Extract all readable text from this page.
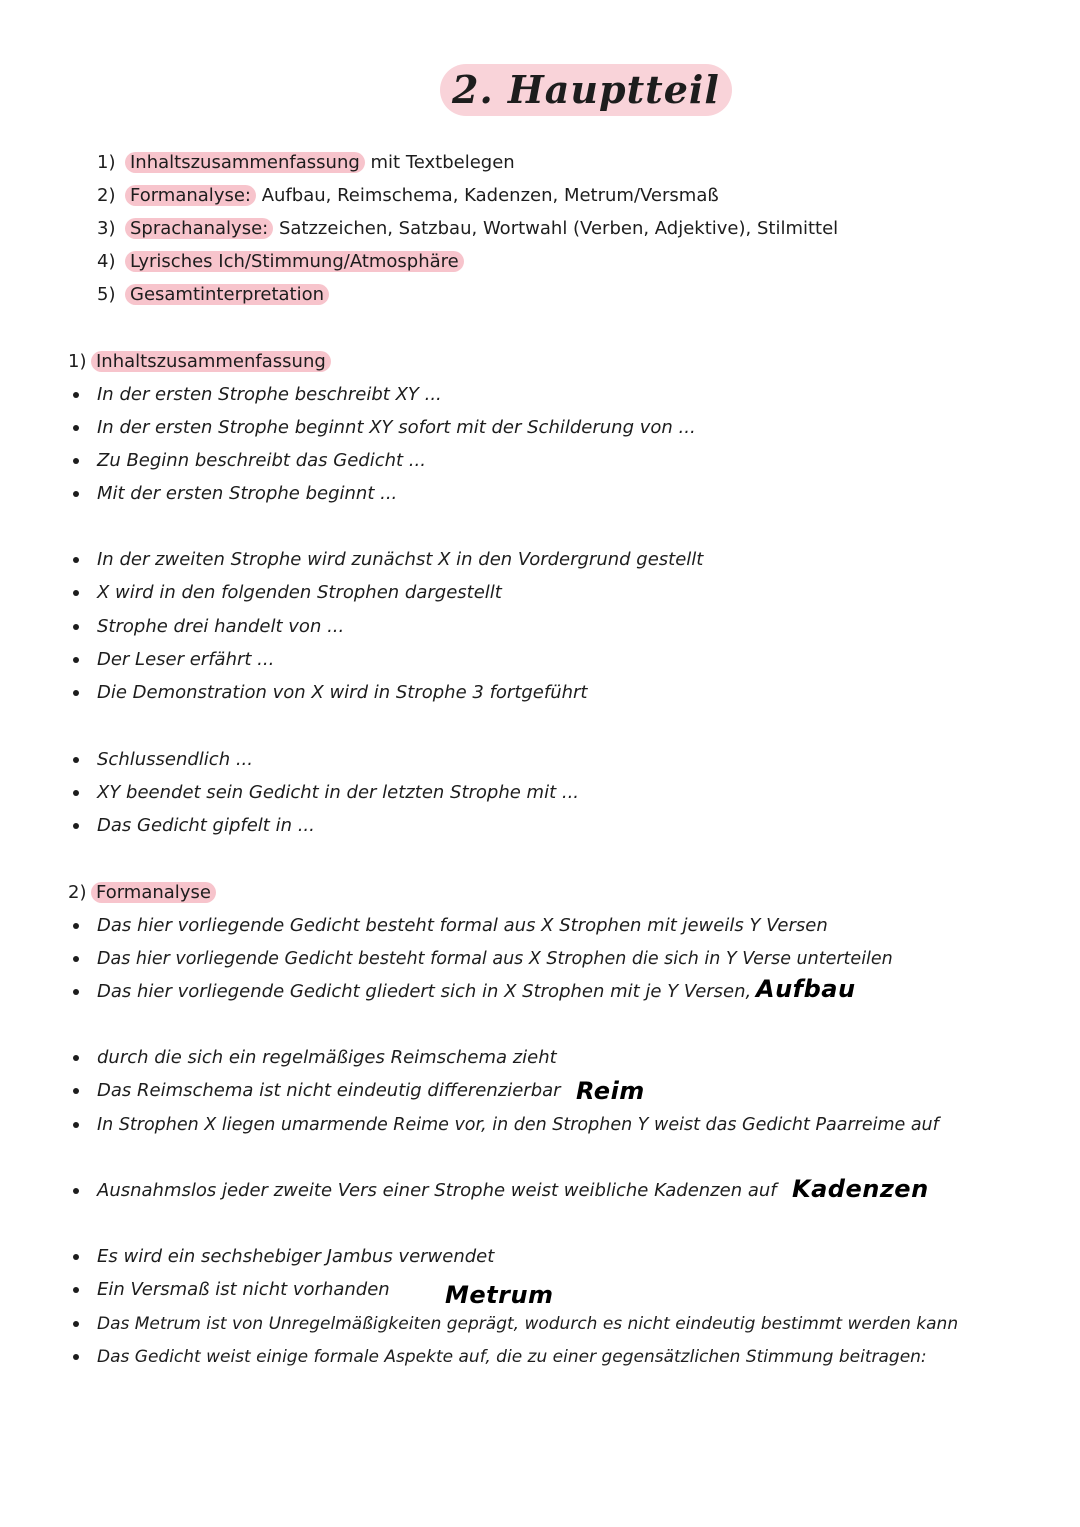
2. Hauptteil
1) Inhaltszusammenfassung mit Textbelegen
2) Formanalyse: Aufbau, Reimschema, Kadenzen, Metrum/Versmaß
3) Sprachanalyse: Satzzeichen, Satzbau, Wortwahl (Verben, Adjektive), Stilmittel
4) Lyrisches Ich/Stimmung/Atmosphäre
5) Gesamtinterpretation
1) Inhaltszusammenfassung
In der ersten Strophe beschreibt XY ...
In der ersten Strophe beginnt XY sofort mit der Schilderung von ...
Zu Beginn beschreibt das Gedicht ...
Mit der ersten Strophe beginnt ...
In der zweiten Strophe wird zunächst X in den Vordergrund gestellt
X wird in den folgenden Strophen dargestellt
Strophe drei handelt von ...
Der Leser erfährt ...
Die Demonstration von X wird in Strophe 3 fortgeführt
Schlussendlich ...
XY beendet sein Gedicht in der letzten Strophe mit ...
Das Gedicht gipfelt in ...
2) Formanalyse
Das hier vorliegende Gedicht besteht formal aus X Strophen mit jeweils Y Versen
Das hier vorliegende Gedicht besteht formal aus X Strophen die sich in Y Verse unterteilen
Das hier vorliegende Gedicht gliedert sich in X Strophen mit je Y Versen, Aufbau
durch die sich ein regelmäßiges Reimschema zieht
Das Reimschema ist nicht eindeutig differenzierbar Reim
In Strophen X liegen umarmende Reime vor, in den Strophen Y weist das Gedicht Paarreime auf
Ausnahmslos jeder zweite Vers einer Strophe weist weibliche Kadenzen auf Kadenzen
Es wird ein sechshebiger Jambus verwendet
Ein Versmaß ist nicht vorhanden Metrum
Das Metrum ist von Unregelmäßigkeiten geprägt, wodurch es nicht eindeutig bestimmt werden kann
Das Gedicht weist einige formale Aspekte auf, die zu einer gegensätzlichen Stimmung beitragen:
